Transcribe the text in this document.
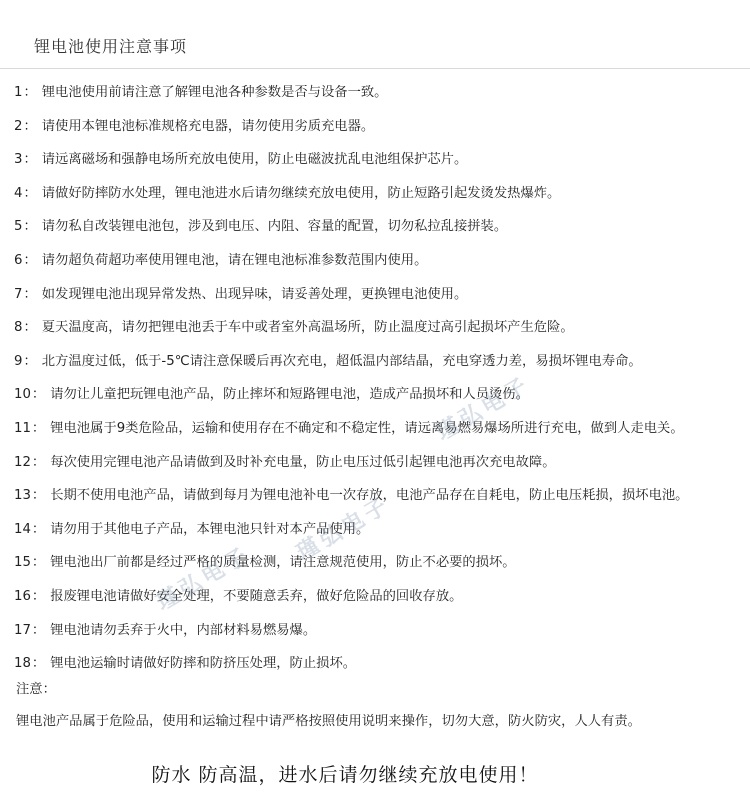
锂电池使用注意事项
1 ： 锂电池使用前请注意了解锂电池各种参数是否与设备一致。
2 ： 请使用本锂电池标准规格充电器，请勿使用劣质充电器。
3 ： 请远离磁场和强静电场所充放电使用，防止电磁波扰乱电池组保护芯片。
4 ： 请做好防摔防水处理，锂电池进水后请勿继续充放电使用，防止短路引起发烫发热爆炸。
5 ： 请勿私自改装锂电池包，涉及到电压、内阻、容量的配置，切勿私拉乱接拼装。
6 ： 请勿超负荷超功率使用锂电池，请在锂电池标准参数范围内使用。
7 ： 如发现锂电池出现异常发热、出现异味，请妥善处理，更换锂电池使用。
8 ： 夏天温度高，请勿把锂电池丢于车中或者室外高温场所，防止温度过高引起损坏产生危险。
9 ： 北方温度过低，低于-5℃请注意保暖后再次充电，超低温内部结晶，充电穿透力差，易损坏锂电寿命。
10 ： 请勿让儿童把玩锂电池产品，防止摔坏和短路锂电池，造成产品损坏和人员烫伤。
11 ： 锂电池属于9类危险品，运输和使用存在不确定和不稳定性，请远离易燃易爆场所进行充电，做到人走电关。
12 ： 每次使用完锂电池产品请做到及时补充电量，防止电压过低引起锂电池再次充电故障。
13 ： 长期不使用电池产品，请做到每月为锂电池补电一次存放，电池产品存在自耗电，防止电压耗损，损坏电池。
14 ： 请勿用于其他电子产品，本锂电池只针对本产品使用。
15 ： 锂电池出厂前都是经过严格的质量检测，请注意规范使用，防止不必要的损坏。
16 ： 报废锂电池请做好安全处理，不要随意丢弃，做好危险品的回收存放。
17 ： 锂电池请勿丢弃于火中，内部材料易燃易爆。
18 ： 锂电池运输时请做好防摔和防挤压处理，防止损坏。
注意：
锂电池产品属于危险品，使用和运输过程中请严格按照使用说明来操作，切勿大意，防火防灾，人人有责。
防水 防高温，进水后请勿继续充放电使用！
瑾弘电子
瑾弘电子
瑾弘电子
